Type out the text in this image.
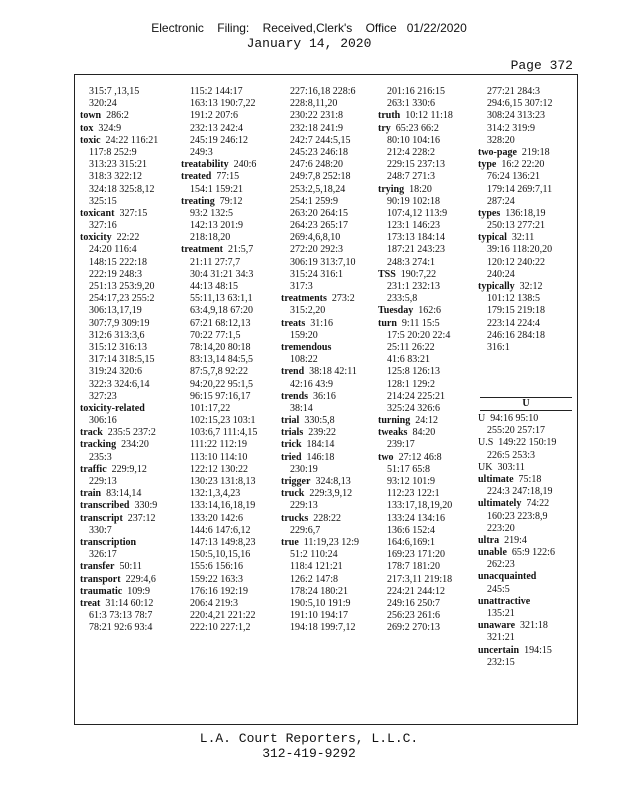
Electronic    Filing:    Received,Clerk's    Office   01/22/2020
January 14, 2020
Page 372
315:7 ,13,15
320:24
town 286:2
tox 324:9
toxic 24:22 116:21
117:8 252:9
313:23 315:21
318:3 322:12
324:18 325:8,12
325:15
toxicant 327:15
327:16
toxicity 22:22
24:20 116:4
148:15 222:18
222:19 248:3
251:13 253:9,20
254:17,23 255:2
306:13,17,19
307:7,9 309:19
312:6 313:3,6
315:12 316:13
317:14 318:5,15
319:24 320:6
322:3 324:6,14
327:23
toxicity-related
306:16
track 235:5 237:2
tracking 234:20
235:3
traffic 229:9,12
229:13
train 83:14,14
transcribed 330:9
transcript 237:12
330:7
transcription
326:17
transfer 50:11
transport 229:4,6
traumatic 109:9
treat 31:14 60:12
61:3 73:13 78:7
78:21 92:6 93:4
115:2 144:17
163:13 190:7,22
191:2 207:6
232:13 242:4
245:19 246:12
249:3
treatability 240:6
treated 77:15
154:1 159:21
treating 79:12
93:2 132:5
142:13 201:9
218:18,20
treatment 21:5,7
21:11 27:7,7
30:4 31:21 34:3
44:13 48:15
55:11,13 63:1,1
63:4,9,18 67:20
67:21 68:12,13
70:22 77:1,5
78:14,20 80:18
83:13,14 84:5,5
87:5,7,8 92:22
94:20,22 95:1,5
96:15 97:16,17
101:17,22
102:15,23 103:1
103:6,7 111:4,15
111:22 112:19
113:10 114:10
122:12 130:22
130:23 131:8,13
132:1,3,4,23
133:14,16,18,19
133:20 142:6
144:6 147:6,12
147:13 149:8,23
150:5,10,15,16
155:6 156:16
159:22 163:3
176:16 192:19
206:4 219:3
220:4,21 221:22
222:10 227:1,2
227:16,18 228:6
228:8,11,20
230:22 231:8
232:18 241:9
242:7 244:5,15
245:23 246:18
247:6 248:20
249:7,8 252:18
253:2,5,18,24
254:1 259:9
263:20 264:15
264:23 265:17
269:4,6,8,10
272:20 292:3
306:19 313:7,10
315:24 316:1
317:3
treatments 273:2
315:2,20
treats 31:16
159:20
tremendous
108:22
trend 38:18 42:11
42:16 43:9
trends 36:16
38:14
trial 330:5,8
trials 239:22
trick 184:14
tried 146:18
230:19
trigger 324:8,13
truck 229:3,9,12
229:13
trucks 228:22
229:6,7
true 11:19,23 12:9
51:2 110:24
118:4 121:21
126:2 147:8
178:24 180:21
190:5,10 191:9
191:10 194:17
194:18 199:7,12
201:16 216:15
263:1 330:6
truth 10:12 11:18
try 65:23 66:2
80:10 104:16
212:4 228:2
229:15 237:13
248:7 271:3
trying 18:20
90:19 102:18
107:4,12 113:9
123:1 146:23
173:13 184:14
187:21 243:23
248:3 274:1
TSS 190:7,22
231:1 232:13
233:5,8
Tuesday 162:6
turn 9:11 15:5
17:5 20:20 22:4
25:11 26:22
41:6 83:21
125:8 126:13
128:1 129:2
214:24 225:21
325:24 326:6
turning 24:12
tweaks 84:20
239:17
two 27:12 46:8
51:17 65:8
93:12 101:9
112:23 122:1
133:17,18,19,20
133:24 134:16
136:6 152:4
164:6,169:1
169:23 171:20
178:7 181:20
217:3,11 219:18
224:21 244:12
249:16 250:7
256:23 261:6
269:2 270:13
277:21 284:3
294:6,15 307:12
308:24 313:23
314:2 319:9
328:20
two-page 219:18
type 16:2 22:20
76:24 136:21
179:14 269:7,11
287:24
types 136:18,19
250:13 277:21
typical 32:11
39:16 118:20,20
120:12 240:22
240:24
typically 32:12
101:12 138:5
179:15 219:18
223:14 224:4
246:16 284:18
316:1
U
U 94:16 95:10
255:20 257:17
U.S 149:22 150:19
226:5 253:3
UK 303:11
ultimate 75:18
224:3 247:18,19
ultimately 74:22
160:23 223:8,9
223:20
ultra 219:4
unable 65:9 122:6
262:23
unacquainted
245:5
unattractive
135:21
unaware 321:18
321:21
uncertain 194:15
232:15
L.A. Court Reporters, L.L.C.
312-419-9292
